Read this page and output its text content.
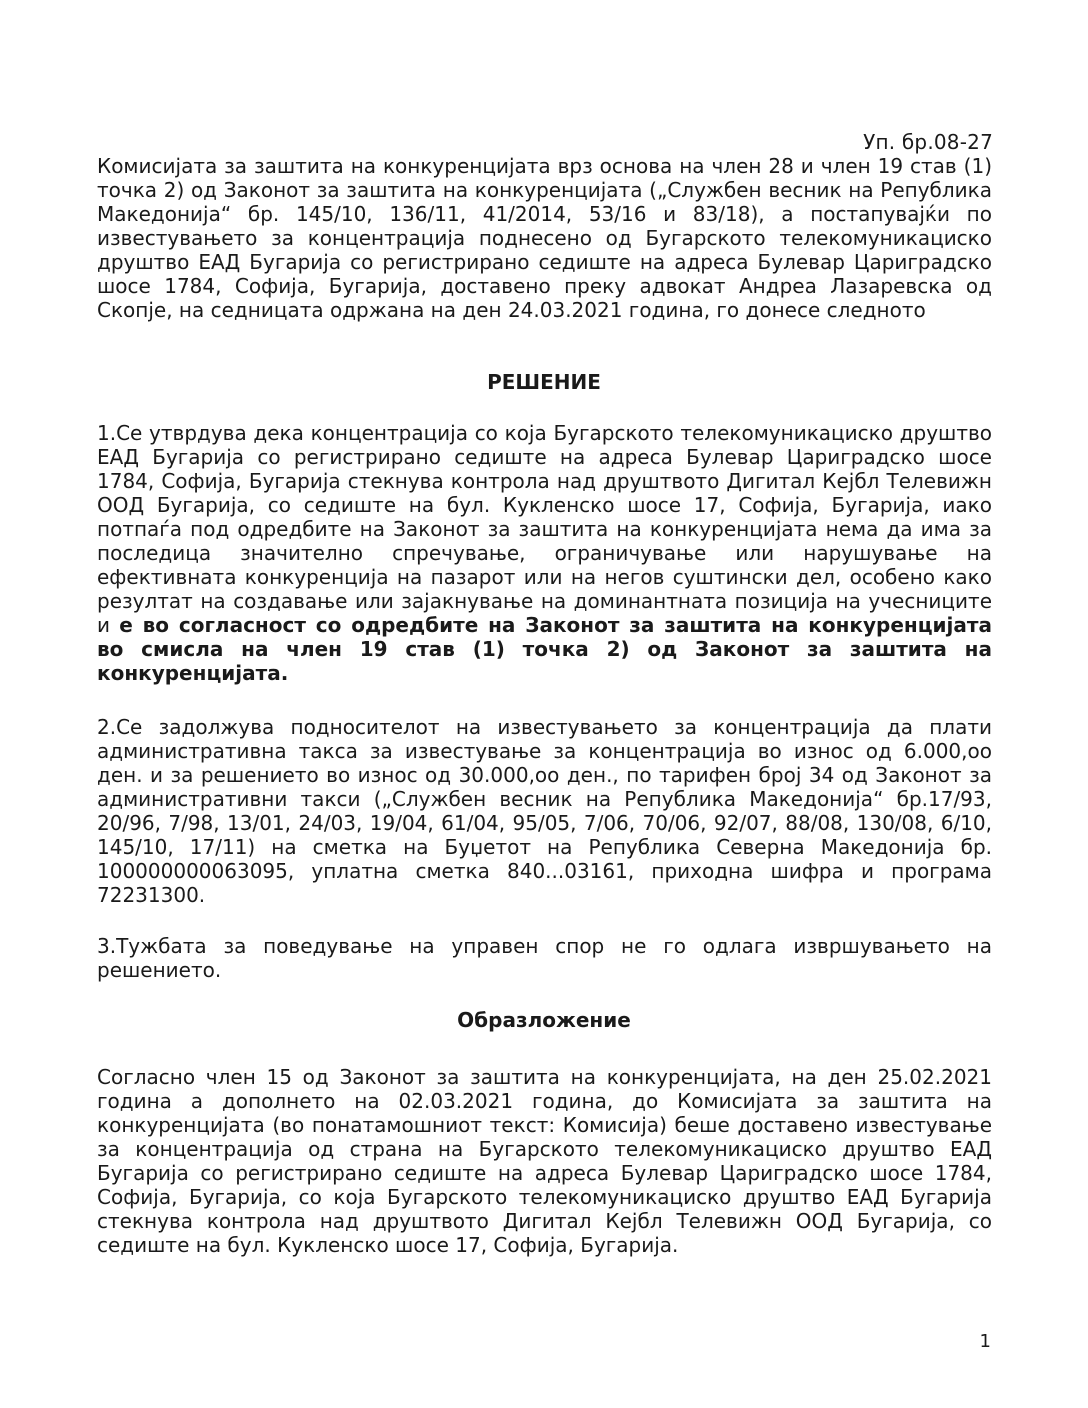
Уп. бр.08-27

Комисијата за заштита на конкуренцијата врз основа на член 28 и член 19 став (1) точка 2) од Законот за заштита на конкуренцијата („Службен весник на Република Македонија“ бр. 145/10, 136/11, 41/2014, 53/16 и 83/18), а постапувајќи по известувањето за концентрација поднесено од Бугарското телекомуникациско друштво ЕАД Бугарија со регистрирано седиште на адреса Булевар Цариградско шосе 1784, Софија, Бугарија, доставено преку адвокат Андреа Лазаревска од Скопје, на седницата одржана на ден 24.03.2021 година, го донесе следното

РЕШЕНИЕ

1.Се утврдува дека концентрација со која Бугарското телекомуникациско друштво ЕАД Бугарија со регистрирано седиште на адреса Булевар Цариградско шосе 1784, Софија, Бугарија стекнува контрола над друштвото Дигитал Кејбл Телевижн ООД Бугарија, со седиште на бул. Кукленско шосе 17, Софија, Бугарија, иако потпаѓа под одредбите на Законот за заштита на конкуренцијата нема да има за последица значително спречување, ограничување или нарушување на ефективната конкуренција на пазарот или на негов суштински дел, особено како резултат на создавање или зајакнување на доминантната позиција на учесниците и е во согласност со одредбите на Законот за заштита на конкуренцијата во смисла на член 19 став (1) точка 2) од Законот за заштита на конкуренцијата.

2.Се задолжува подносителот на известувањето за концентрација да плати административна такса за известување за концентрација во износ од 6.000,оо ден. и за решението во износ од 30.000,оо ден., по тарифен број 34 од Законот за административни такси („Службен весник на Република Македонија“ бр.17/93, 20/96, 7/98, 13/01, 24/03, 19/04, 61/04, 95/05, 7/06, 70/06, 92/07, 88/08, 130/08, 6/10, 145/10, 17/11) на сметка на Буџетот на Република Северна Македонија бр. 100000000063095, уплатна сметка 840...03161, приходна шифра и програма 72231300.

3.Тужбата за поведување на управен спор не го одлага извршувањето на решението.

Образложение

Согласно член 15 од Законот за заштита на конкуренцијата, на ден 25.02.2021 година а дополнето на 02.03.2021 година, до Комисијата за заштита на конкуренцијата (во понатамошниот текст: Комисија) беше доставено известување за концентрација од страна на Бугарското телекомуникациско друштво ЕАД Бугарија со регистрирано седиште на адреса Булевар Цариградско шосе 1784, Софија, Бугарија, со која Бугарското телекомуникациско друштво ЕАД Бугарија стекнува контрола над друштвото Дигитал Кејбл Телевижн ООД Бугарија, со седиште на бул. Кукленско шосе 17, Софија, Бугарија.

1
